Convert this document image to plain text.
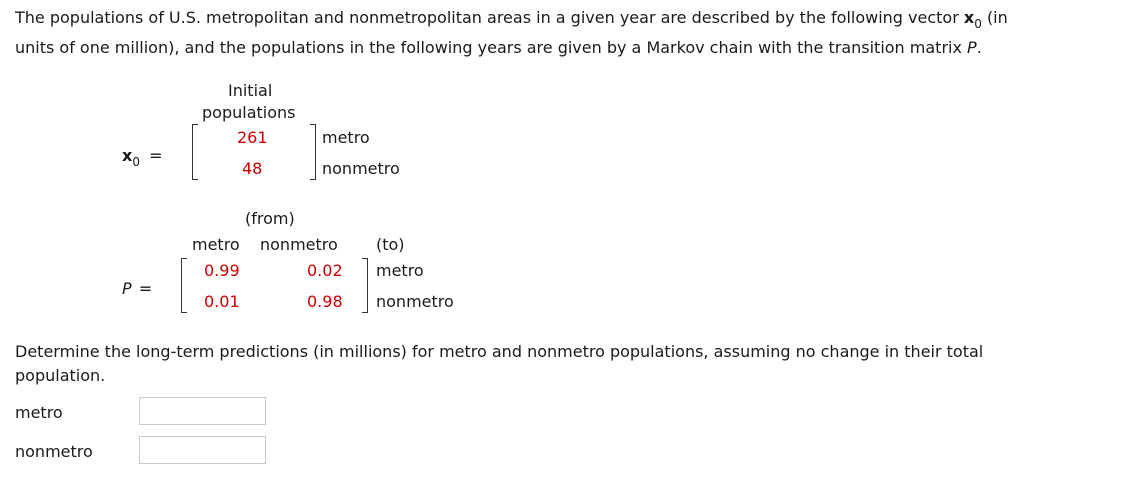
The populations of U.S. metropolitan and nonmetropolitan areas in a given year are described by the following vector $x_0$ (in
units of one million), and the populations in the following years are given by a Markov chain with the transition matrix P.
Initial
populations
$x_0$ =
261
48
metro
nonmetro
(from)
metro nonmetro (to)
P =
0.99	0.02
0.01	0.98
metro
nonmetro
Determine the long-term predictions (in millions) for metro and nonmetro populations, assuming no change in their total
population.
metro
nonmetro
